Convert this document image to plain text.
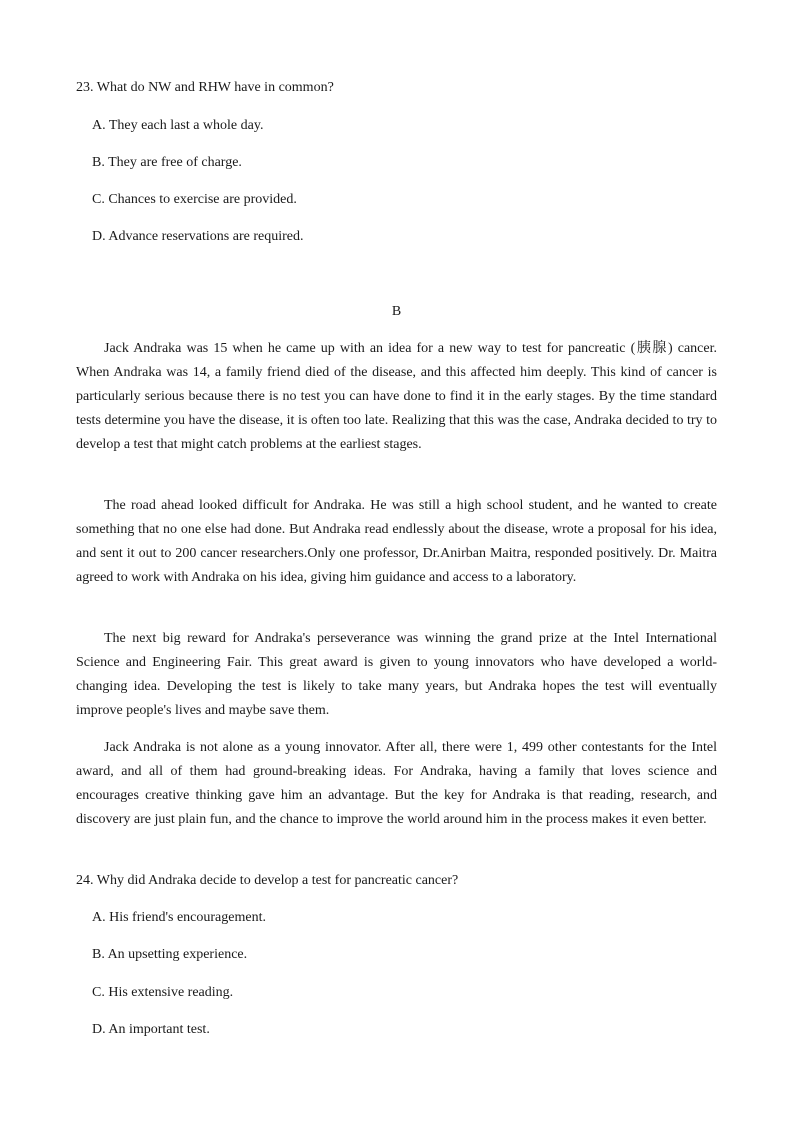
23. What do NW and RHW have in common?
A. They each last a whole day.
B. They are free of charge.
C. Chances to exercise are provided.
D. Advance reservations are required.
B
Jack Andraka was 15 when he came up with an idea for a new way to test for pancreatic (胰腺) cancer. When Andraka was 14, a family friend died of the disease, and this affected him deeply. This kind of cancer is particularly serious because there is no test you can have done to find it in the early stages. By the time standard tests determine you have the disease, it is often too late. Realizing that this was the case, Andraka decided to try to develop a test that might catch problems at the earliest stages.
The road ahead looked difficult for Andraka. He was still a high school student, and he wanted to create something that no one else had done. But Andraka read endlessly about the disease, wrote a proposal for his idea, and sent it out to 200 cancer researchers.Only one professor, Dr.Anirban Maitra, responded positively. Dr. Maitra agreed to work with Andraka on his idea, giving him guidance and access to a laboratory.
The next big reward for Andraka's perseverance was winning the grand prize at the Intel International Science and Engineering Fair. This great award is given to young innovators who have developed a world-changing idea. Developing the test is likely to take many years, but Andraka hopes the test will eventually improve people's lives and maybe save them.
Jack Andraka is not alone as a young innovator. After all, there were 1, 499 other contestants for the Intel award, and all of them had ground-breaking ideas. For Andraka, having a family that loves science and encourages creative thinking gave him an advantage. But the key for Andraka is that reading, research, and discovery are just plain fun, and the chance to improve the world around him in the process makes it even better.
24. Why did Andraka decide to develop a test for pancreatic cancer?
A. His friend's encouragement.
B. An upsetting experience.
C. His extensive reading.
D. An important test.
